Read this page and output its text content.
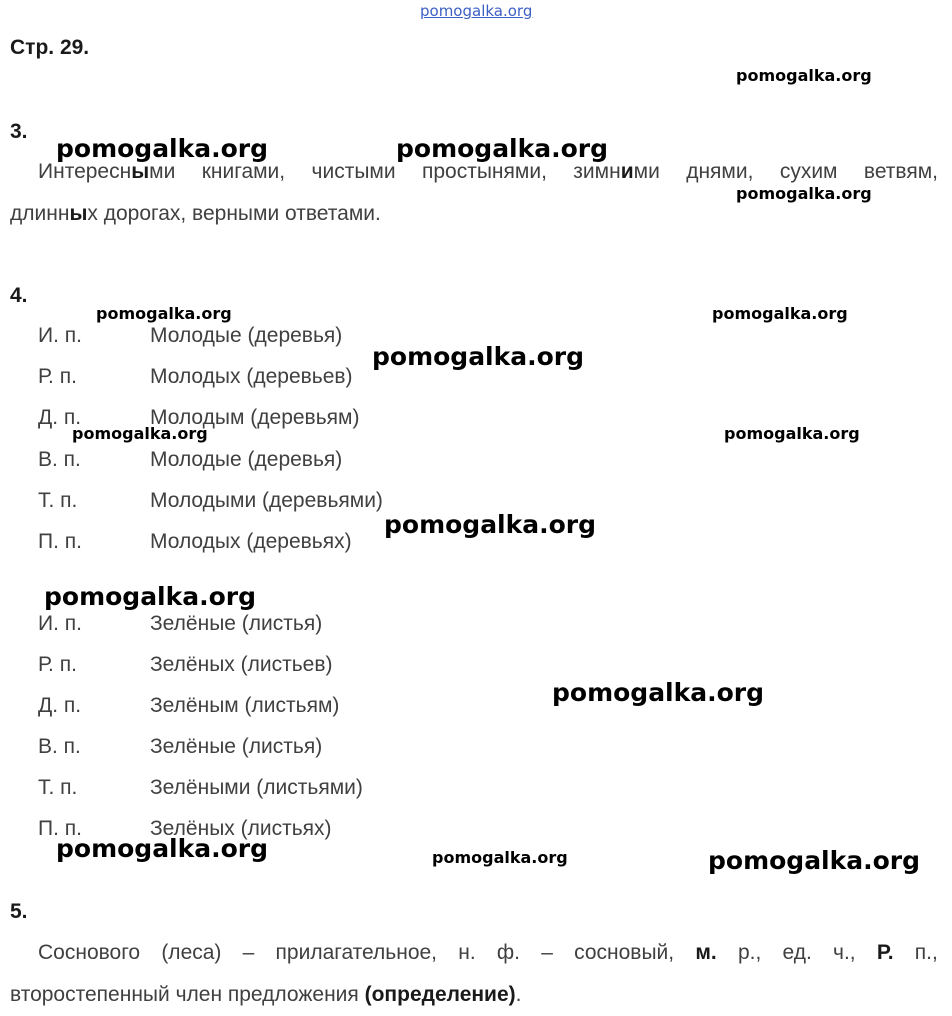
pomogalka.org
pomogalka.org
pomogalka.org	pomogalka.org
pomogalka.org
pomogalka.org	pomogalka.org
pomogalka.org
pomogalka.org	pomogalka.org
pomogalka.org
pomogalka.org
pomogalka.org
pomogalka.org	pomogalka.org	pomogalka.org
Стр. 29.
3.
Интересными книгами, чистыми простынями, зимними днями, сухим ветвям,
длинных дорогах, верными ответами.
4.
И. п.	Молодые (деревья)
Р. п.	Молодых (деревьев)
Д. п.	Молодым (деревьям)
В. п.	Молодые (деревья)
Т. п.	Молодыми (деревьями)
П. п.	Молодых (деревьях)
И. п.	Зелёные (листья)
Р. п.	Зелёных (листьев)
Д. п.	Зелёным (листьям)
В. п.	Зелёные (листья)
Т. п.	Зелёными (листьями)
П. п.	Зелёных (листьях)
5.
Соснового (леса) – прилагательное, н. ф. – сосновый, м. р., ед. ч., Р. п.,
второстепенный член предложения (определение).
